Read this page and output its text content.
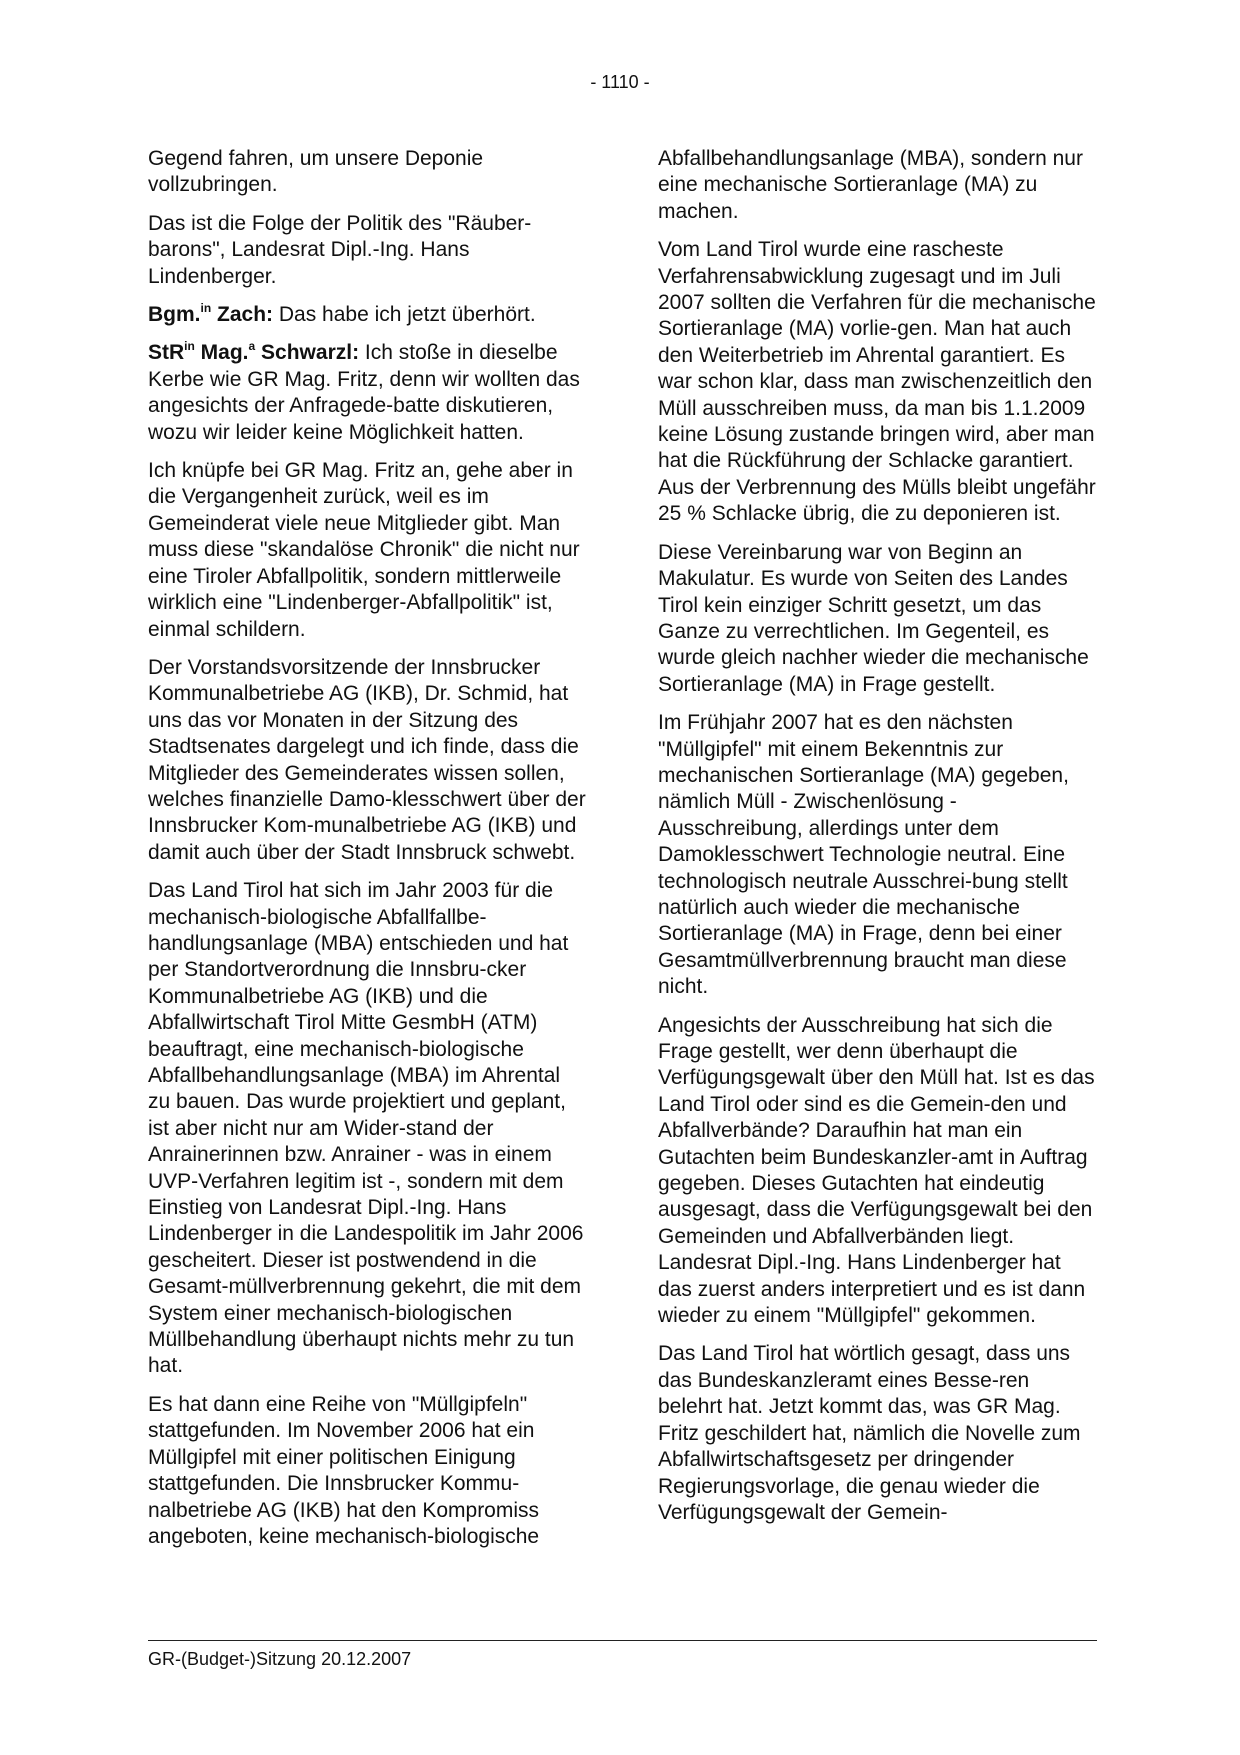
- 1110 -

Gegend fahren, um unsere Deponie vollzubringen.

Das ist die Folge der Politik des "Räuber-barons", Landesrat Dipl.-Ing. Hans Lindenberger.

Bgm.$^{in}$ Zach: Das habe ich jetzt überhört.

StR$^{in}$ Mag.$^a$ Schwarzl: Ich stoße in dieselbe Kerbe wie GR Mag. Fritz, denn wir wollten das angesichts der Anfragede-batte diskutieren, wozu wir leider keine Möglichkeit hatten.

Ich knüpfe bei GR Mag. Fritz an, gehe aber in die Vergangenheit zurück, weil es im Gemeinderat viele neue Mitglieder gibt. Man muss diese "skandalöse Chronik" die nicht nur eine Tiroler Abfallpolitik, sondern mittlerweile wirklich eine "Lindenberger-Abfallpolitik" ist, einmal schildern.

Der Vorstandsvorsitzende der Innsbrucker Kommunalbetriebe AG (IKB), Dr. Schmid, hat uns das vor Monaten in der Sitzung des Stadtsenates dargelegt und ich finde, dass die Mitglieder des Gemeinderates wissen sollen, welches finanzielle Damo-klesschwert über der Innsbrucker Kom-munalbetriebe AG (IKB) und damit auch über der Stadt Innsbruck schwebt.

Das Land Tirol hat sich im Jahr 2003 für die mechanisch-biologische Abfallfallbe-handlungsanlage (MBA) entschieden und hat per Standortverordnung die Innsbru-cker Kommunalbetriebe AG (IKB) und die Abfallwirtschaft Tirol Mitte GesmbH (ATM) beauftragt, eine mechanisch-biologische Abfallbehandlungsanlage (MBA) im Ahrental zu bauen. Das wurde projektiert und geplant, ist aber nicht nur am Wider-stand der Anrainerinnen bzw. Anrainer - was in einem UVP-Verfahren legitim ist -, sondern mit dem Einstieg von Landesrat Dipl.-Ing. Hans Lindenberger in die Landespolitik im Jahr 2006 gescheitert. Dieser ist postwendend in die Gesamt-müllverbrennung gekehrt, die mit dem System einer mechanisch-biologischen Müllbehandlung überhaupt nichts mehr zu tun hat.

Es hat dann eine Reihe von "Müllgipfeln" stattgefunden. Im November 2006 hat ein Müllgipfel mit einer politischen Einigung stattgefunden. Die Innsbrucker Kommu-nalbetriebe AG (IKB) hat den Kompromiss angeboten, keine mechanisch-biologische

Abfallbehandlungsanlage (MBA), sondern nur eine mechanische Sortieranlage (MA) zu machen.

Vom Land Tirol wurde eine rascheste Verfahrensabwicklung zugesagt und im Juli 2007 sollten die Verfahren für die mechanische Sortieranlage (MA) vorlie-gen. Man hat auch den Weiterbetrieb im Ahrental garantiert. Es war schon klar, dass man zwischenzeitlich den Müll ausschreiben muss, da man bis 1.1.2009 keine Lösung zustande bringen wird, aber man hat die Rückführung der Schlacke garantiert. Aus der Verbrennung des Mülls bleibt ungefähr 25 % Schlacke übrig, die zu deponieren ist.

Diese Vereinbarung war von Beginn an Makulatur. Es wurde von Seiten des Landes Tirol kein einziger Schritt gesetzt, um das Ganze zu verrechtlichen. Im Gegenteil, es wurde gleich nachher wieder die mechanische Sortieranlage (MA) in Frage gestellt.

Im Frühjahr 2007 hat es den nächsten "Müllgipfel" mit einem Bekenntnis zur mechanischen Sortieranlage (MA) gegeben, nämlich Müll - Zwischenlösung - Ausschreibung, allerdings unter dem Damoklesschwert Technologie neutral. Eine technologisch neutrale Ausschrei-bung stellt natürlich auch wieder die mechanische Sortieranlage (MA) in Frage, denn bei einer Gesamtmüllverbrennung braucht man diese nicht.

Angesichts der Ausschreibung hat sich die Frage gestellt, wer denn überhaupt die Verfügungsgewalt über den Müll hat. Ist es das Land Tirol oder sind es die Gemein-den und Abfallverbände? Daraufhin hat man ein Gutachten beim Bundeskanzler-amt in Auftrag gegeben. Dieses Gutachten hat eindeutig ausgesagt, dass die Verfügungsgewalt bei den Gemeinden und Abfallverbänden liegt. Landesrat Dipl.-Ing. Hans Lindenberger hat das zuerst anders interpretiert und es ist dann wieder zu einem "Müllgipfel" gekommen.

Das Land Tirol hat wörtlich gesagt, dass uns das Bundeskanzleramt eines Besse-ren belehrt hat. Jetzt kommt das, was GR Mag. Fritz geschildert hat, nämlich die Novelle zum Abfallwirtschaftsgesetz per dringender Regierungsvorlage, die genau wieder die Verfügungsgewalt der Gemein-

GR-(Budget-)Sitzung 20.12.2007
